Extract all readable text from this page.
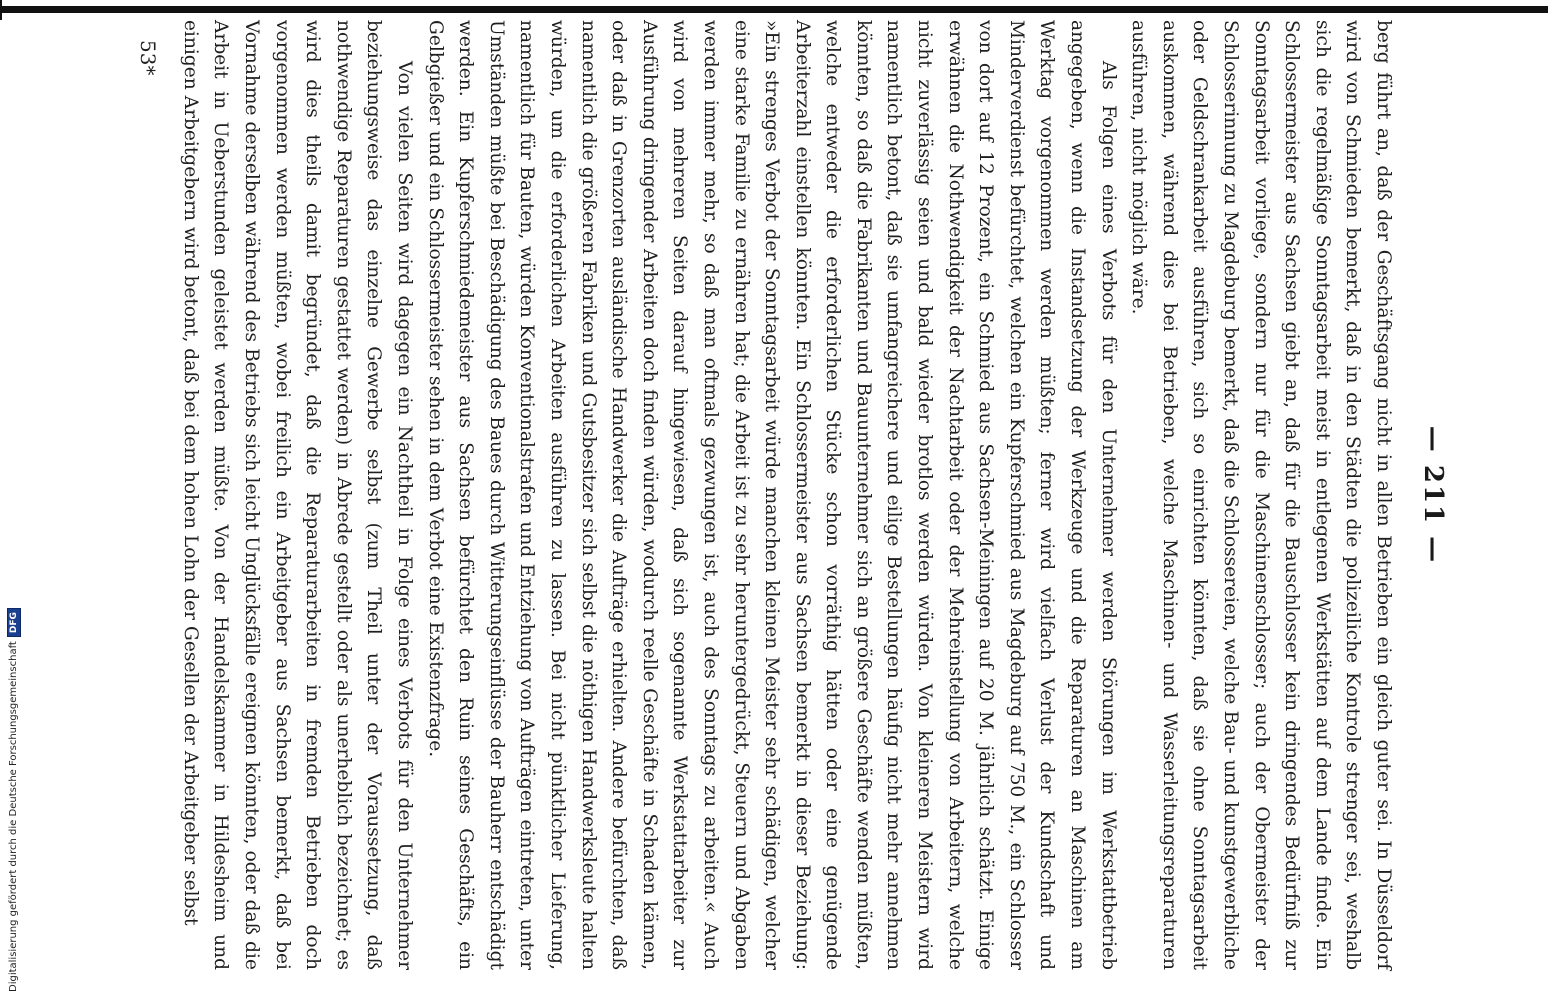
— 211 —

berg führt an, daß der Geschäftsgang nicht in allen Betrieben ein gleich guter sei. In Düsseldorf wird von Schmieden bemerkt, daß in den Städten die polizeiliche Kontrole strenger sei, weshalb sich die regelmäßige Sonntagsarbeit meist in entlegenen Werkstätten auf dem Lande finde. Ein Schlossermeister aus Sachsen giebt an, daß für die Bauschlosser kein dringendes Bedürfniß zur Sonntagsarbeit vorliege, sondern nur für die Maschinenschlosser; auch der Obermeister der Schlosserinnung zu Magdeburg bemerkt, daß die Schlossereien, welche Bau- und kunstgewerbliche oder Geldschrankarbeit ausführen, sich so einrichten könnten, daß sie ohne Sonntagsarbeit auskommen, während dies bei Betrieben, welche Maschinen- und Wasserleitungsreparaturen ausführen, nicht möglich wäre.

Als Folgen eines Verbots für den Unternehmer werden Störungen im Werkstattbetrieb angegeben, wenn die Instandsetzung der Werkzeuge und die Reparaturen an Maschinen am Werktag vorgenommen werden müßten; ferner wird vielfach Verlust der Kundschaft und Minderverdienst befürchtet, welchen ein Kupferschmied aus Magdeburg auf 750 M., ein Schlosser von dort auf 12 Prozent, ein Schmied aus Sachsen-Meiningen auf 20 M. jährlich schätzt. Einige erwähnen die Nothwendigkeit der Nachtarbeit oder der Mehreinstellung von Arbeitern, welche nicht zuverlässig seien und bald wieder brotlos werden würden. Von kleineren Meistern wird namentlich betont, daß sie umfangreichere und eilige Bestellungen häufig nicht mehr annehmen könnten, so daß die Fabrikanten und Bauunternehmer sich an größere Geschäfte wenden müßten, welche entweder die erforderlichen Stücke schon vorräthig hätten oder eine genügende Arbeiterzahl einstellen könnten. Ein Schlossermeister aus Sachsen bemerkt in dieser Beziehung: »Ein strenges Verbot der Sonntagsarbeit würde manchen kleinen Meister sehr schädigen, welcher eine starke Familie zu ernähren hat; die Arbeit ist zu sehr heruntergedrückt, Steuern und Abgaben werden immer mehr, so daß man oftmals gezwungen ist, auch des Sonntags zu arbeiten.« Auch wird von mehreren Seiten darauf hingewiesen, daß sich sogenannte Werkstattarbeiter zur Ausführung dringender Arbeiten doch finden würden, wodurch reelle Geschäfte in Schaden kämen, oder daß in Grenzorten ausländische Handwerker die Aufträge erhielten. Andere befürchten, daß namentlich die größeren Fabriken und Gutsbesitzer sich selbst die nöthigen Handwerksleute halten würden, um die erforderlichen Arbeiten ausführen zu lassen. Bei nicht pünktlicher Lieferung, namentlich für Bauten, würden Konventionalstrafen und Entziehung von Aufträgen eintreten, unter Umständen müßte bei Beschädigung des Baues durch Witterungseinflüsse der Bauherr entschädigt werden. Ein Kupferschmiedemeister aus Sachsen befürchtet den Ruin seines Geschäfts, ein Gelbgießer und ein Schlossermeister sehen in dem Verbot eine Existenzfrage.

Von vielen Seiten wird dagegen ein Nachtheil in Folge eines Verbots für den Unternehmer beziehungsweise das einzelne Gewerbe selbst (zum Theil unter der Voraussetzung, daß nothwendige Reparaturen gestattet werden) in Abrede gestellt oder als unerheblich bezeichnet; es wird dies theils damit begründet, daß die Reparaturarbeiten in fremden Betrieben doch vorgenommen werden müßten, wobei freilich ein Arbeitgeber aus Sachsen bemerkt, daß bei Vornahme derselben während des Betriebs sich leicht Unglücksfälle ereignen könnten, oder daß die Arbeit in Ueberstunden geleistet werden müßte. Von der Handelskammer in Hildesheim und einigen Arbeitgebern wird betont, daß bei dem hohen Lohn der Gesellen der Arbeitgeber selbst

53*
Digitalisierung gefördert durch die Deutsche Forschungsgemeinschaft
DFG
